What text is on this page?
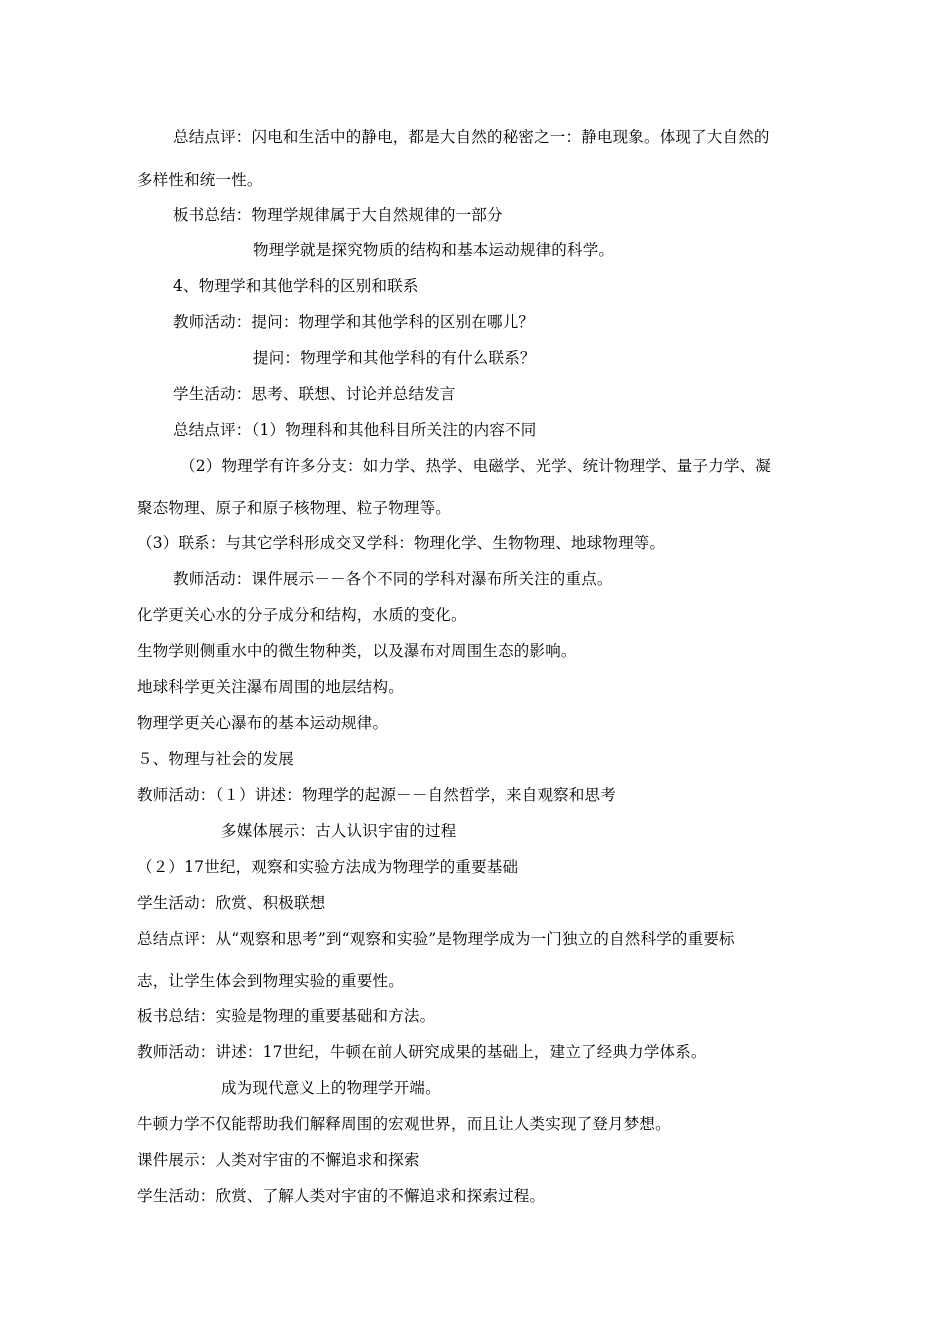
总结点评：闪电和生活中的静电，都是大自然的秘密之一：静电现象。体现了大自然的
多样性和统一性。
板书总结：物理学规律属于大自然规律的一部分
物理学就是探究物质的结构和基本运动规律的科学。
4、物理学和其他学科的区别和联系
教师活动：提问：物理学和其他学科的区别在哪儿？
提问：物理学和其他学科的有什么联系？
学生活动：思考、联想、讨论并总结发言
总结点评：（1）物理科和其他科目所关注的内容不同
（2）物理学有许多分支：如力学、热学、电磁学、光学、统计物理学、量子力学、凝
聚态物理、原子和原子核物理、粒子物理等。
（3）联系：与其它学科形成交叉学科：物理化学、生物物理、地球物理等。
教师活动：课件展示－－各个不同的学科对瀑布所关注的重点。
化学更关心水的分子成分和结构，水质的变化。
生物学则侧重水中的微生物种类，以及瀑布对周围生态的影响。
地球科学更关注瀑布周围的地层结构。
物理学更关心瀑布的基本运动规律。
５、物理与社会的发展
教师活动：（１）讲述：物理学的起源－－自然哲学，来自观察和思考
多媒体展示：古人认识宇宙的过程
（２）17世纪，观察和实验方法成为物理学的重要基础
学生活动：欣赏、积极联想
总结点评：从“观察和思考”到“观察和实验”是物理学成为一门独立的自然科学的重要标
志，让学生体会到物理实验的重要性。
板书总结：实验是物理的重要基础和方法。
教师活动：讲述：17世纪，牛顿在前人研究成果的基础上，建立了经典力学体系。
成为现代意义上的物理学开端。
牛顿力学不仅能帮助我们解释周围的宏观世界，而且让人类实现了登月梦想。
课件展示：人类对宇宙的不懈追求和探索
学生活动：欣赏、了解人类对宇宙的不懈追求和探索过程。
